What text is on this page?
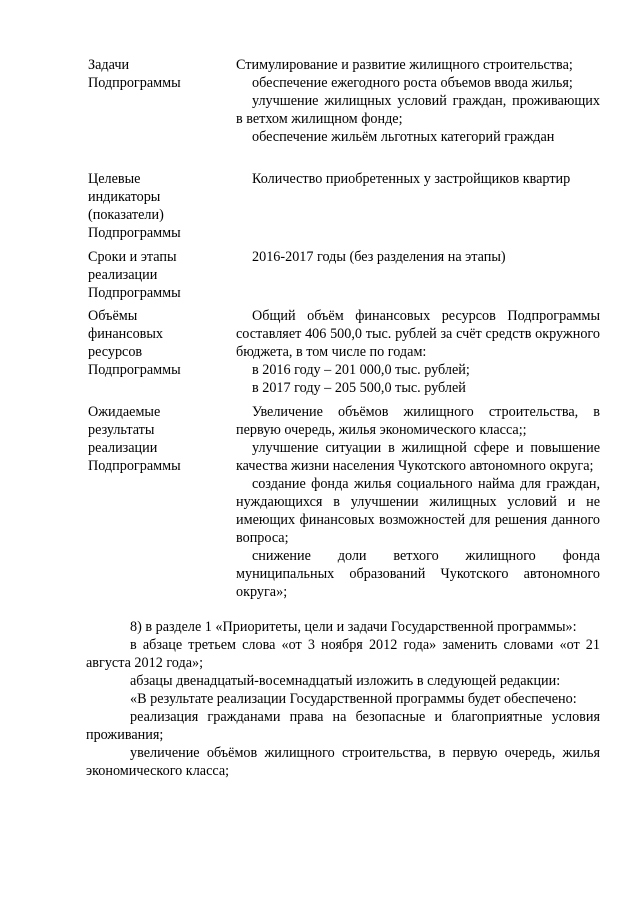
Задачи
Подпрограммы

Стимулирование и развитие жилищного строительства;

обеспечение ежегодного роста объемов ввода жилья;

улучшение жилищных условий граждан, проживающих в ветхом жилищном фонде;

обеспечение жильём льготных категорий граждан

Целевые
индикаторы
(показатели)
Подпрограммы

Количество приобретенных у застройщиков квартир

Сроки и этапы
реализации
Подпрограммы

2016-2017 годы (без разделения на этапы)

Объёмы
финансовых
ресурсов
Подпрограммы

Общий объём финансовых ресурсов Подпрограммы составляет 406 500,0 тыс. рублей за счёт средств окружного бюджета, в том числе по годам:

в 2016 году – 201 000,0 тыс. рублей;

в 2017 году – 205 500,0 тыс. рублей

Ожидаемые
результаты
реализации
Подпрограммы

Увеличение объёмов жилищного строительства, в первую очередь, жилья экономического класса;;

улучшение ситуации в жилищной сфере и повышение качества жизни населения Чукотского автономного округа;

создание фонда жилья социального найма для граждан, нуждающихся в улучшении жилищных условий и не имеющих финансовых возможностей для решения данного вопроса;

снижение доли ветхого жилищного фонда муниципальных образований Чукотского автономного округа»;

8) в разделе 1 «Приоритеты, цели и задачи Государственной программы»:

в абзаце третьем слова «от 3 ноября 2012 года» заменить словами «от 21 августа 2012 года»;

абзацы двенадцатый-восемнадцатый изложить в следующей редакции:

«В результате реализации Государственной программы будет обеспечено:

реализация гражданами права на безопасные и благоприятные условия проживания;

увеличение объёмов жилищного строительства, в первую очередь, жилья экономического класса;
